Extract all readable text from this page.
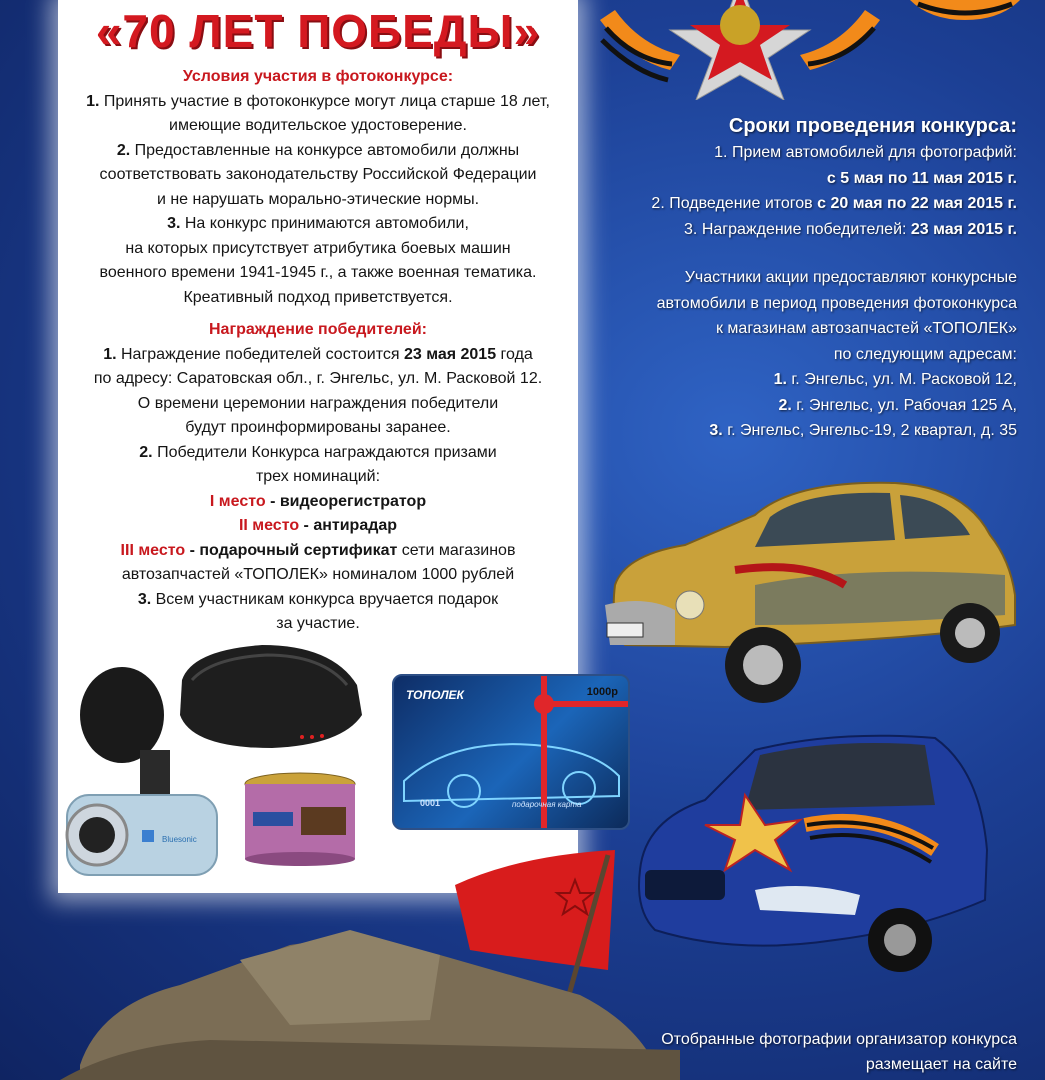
«70 ЛЕТ ПОБЕДЫ»
Условия участия в фотоконкурсе:
1. Принять участие в фотоконкурсе могут лица старше 18 лет,
имеющие водительское удостоверение.
2. Предоставленные на конкурсе автомобили должны
соответствовать законодательству Российской Федерации
и не нарушать морально-этические нормы.
3. На конкурс принимаются автомобили,
на которых присутствует атрибутика боевых машин
военного времени 1941-1945 г., а также военная тематика.
Креативный подход приветствуется.
Награждение победителей:
1. Награждение победителей состоится 23 мая 2015 года
по адресу: Саратовская обл., г. Энгельс, ул. М. Расковой 12.
О времени церемонии награждения победители
будут проинформированы заранее.
2. Победители Конкурса награждаются призами
трех номинаций:
I место - видеорегистратор
II место - антирадар
III место - подарочный сертификат сети магазинов
автозапчастей «ТОПОЛЕК» номиналом 1000 рублей
3. Всем участникам конкурса вручается подарок
за участие.
Сроки проведения конкурса:
1. Прием автомобилей для фотографий:
с 5 мая по 11 мая 2015 г.
2. Подведение итогов с 20 мая по 22 мая 2015 г.
3. Награждение победителей: 23 мая 2015 г.
Участники акции предоставляют конкурсные
автомобили в период проведения фотоконкурса
к магазинам автозапчастей «ТОПОЛЕК»
по следующим адресам:
1. г. Энгельс, ул. М. Расковой 12,
2. г. Энгельс, ул. Рабочая 125 А,
3. г. Энгельс, Энгельс-19, 2 квартал, д. 35
Bluesonic
ТОПОЛЕК	1000р
0001	подарочная карта
Отобранные фотографии организатор конкурса
размещает на сайте
